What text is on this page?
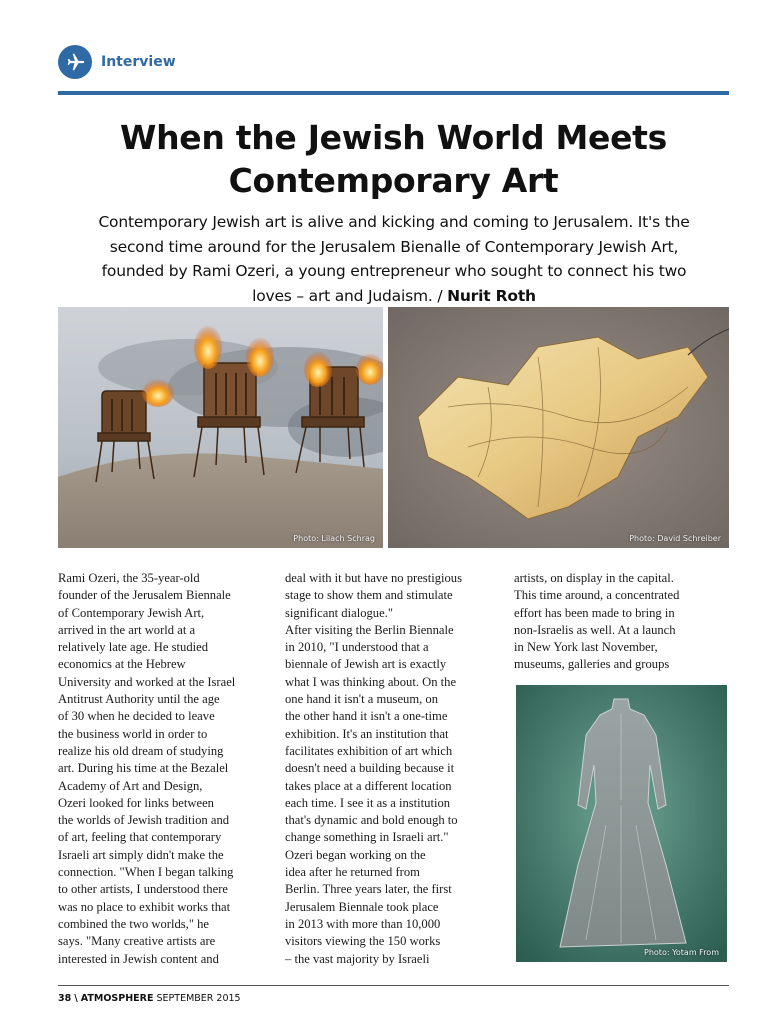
Interview
When the Jewish World Meets
Contemporary Art
Contemporary Jewish art is alive and kicking and coming to Jerusalem. It's the
second time around for the Jerusalem Bienalle of Contemporary Jewish Art,
founded by Rami Ozeri, a young entrepreneur who sought to connect his two
loves – art and Judaism. / Nurit Roth
Photo: Lilach Schrag	Photo: David Schreiber
Rami Ozeri, the 35-year-old
founder of the Jerusalem Biennale
of Contemporary Jewish Art,
arrived in the art world at a
relatively late age. He studied
economics at the Hebrew
University and worked at the Israel
Antitrust Authority until the age
of 30 when he decided to leave
the business world in order to
realize his old dream of studying
art. During his time at the Bezalel
Academy of Art and Design,
Ozeri looked for links between
the worlds of Jewish tradition and
of art, feeling that contemporary
Israeli art simply didn't make the
connection. "When I began talking
to other artists, I understood there
was no place to exhibit works that
combined the two worlds," he
says. "Many creative artists are
interested in Jewish content and
deal with it but have no prestigious
stage to show them and stimulate
significant dialogue."
After visiting the Berlin Biennale
in 2010, "I understood that a
biennale of Jewish art is exactly
what I was thinking about. On the
one hand it isn't a museum, on
the other hand it isn't a one-time
exhibition. It's an institution that
facilitates exhibition of art which
doesn't need a building because it
takes place at a different location
each time. I see it as a institution
that's dynamic and bold enough to
change something in Israeli art."
Ozeri began working on the
idea after he returned from
Berlin. Three years later, the first
Jerusalem Biennale took place
in 2013 with more than 10,000
visitors viewing the 150 works
– the vast majority by Israeli
artists, on display in the capital.
This time around, a concentrated
effort has been made to bring in
non-Israelis as well. At a launch
in New York last November,
museums, galleries and groups
Photo: Yotam From
38 \ ATMOSPHERE SEPTEMBER 2015
